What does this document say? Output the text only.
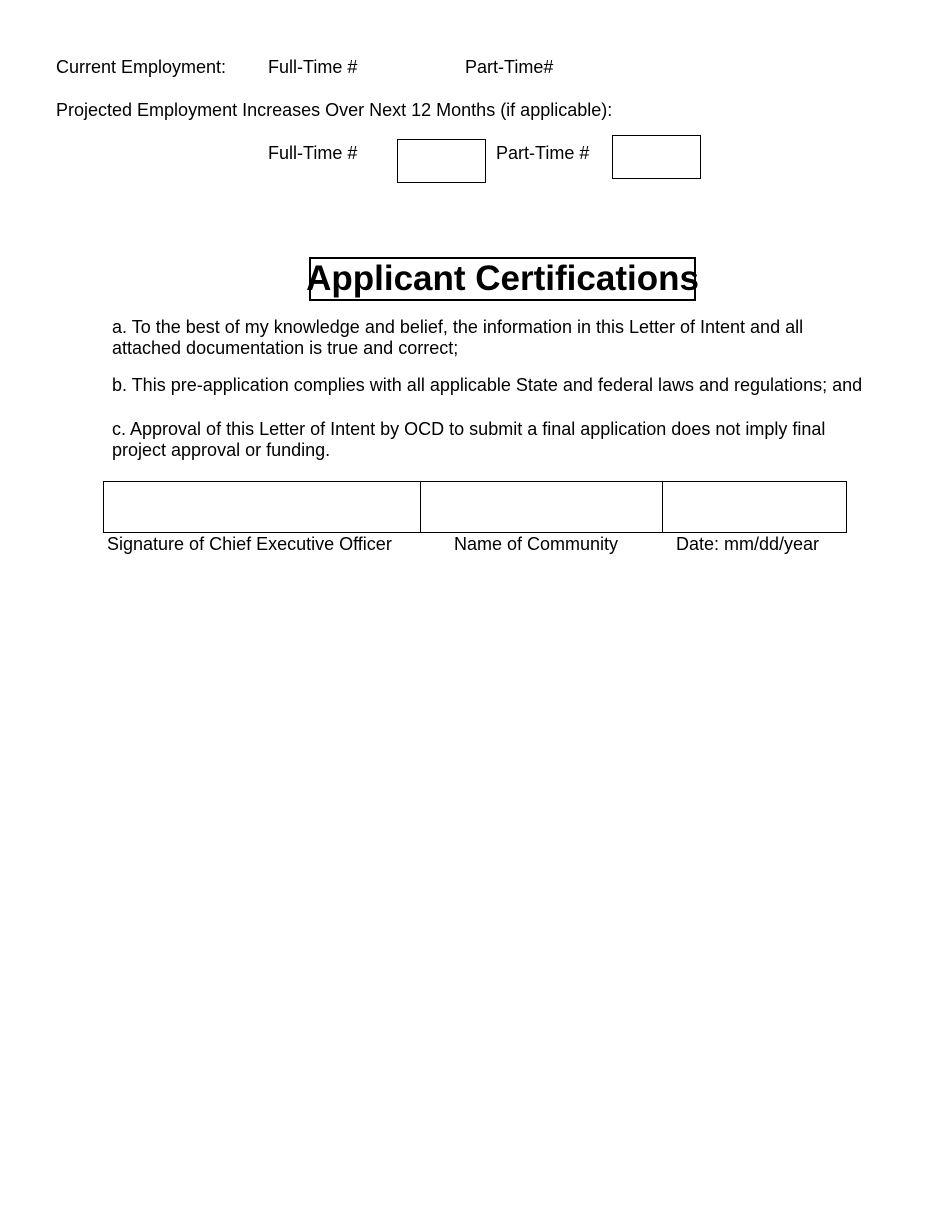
Current Employment: Full-Time #	Part-Time#
Projected Employment Increases Over Next 12 Months (if applicable):
Full-Time #	Part-Time #
Applicant Certifications
a. To the best of my knowledge and belief, the information in this Letter of Intent and all attached documentation is true and correct;
b. This pre-application complies with all applicable State and federal laws and regulations; and
c. Approval of this Letter of Intent by OCD to submit a final application does not imply final project approval or funding.
Signature of Chief Executive Officer	Name of Community	Date: mm/dd/year
